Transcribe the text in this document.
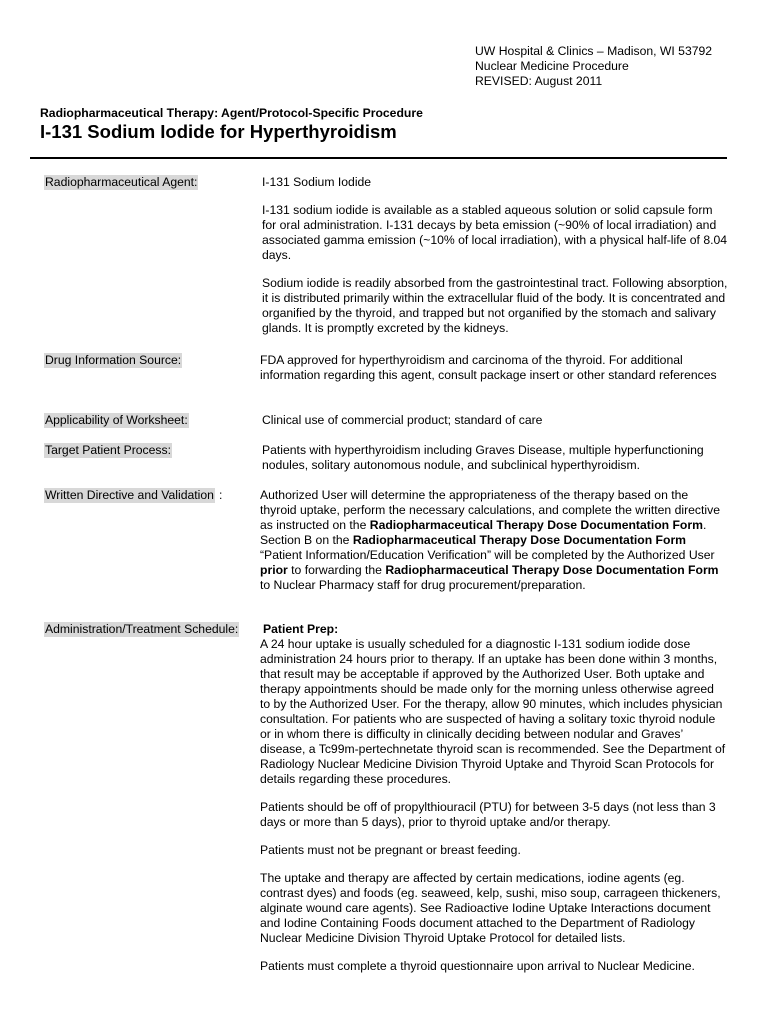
UW Hospital & Clinics – Madison, WI 53792
Nuclear Medicine Procedure
REVISED: August 2011
Radiopharmaceutical Therapy: Agent/Protocol-Specific Procedure
I-131 Sodium Iodide for Hyperthyroidism
Radiopharmaceutical Agent:	I-131 Sodium Iodide

I-131 sodium iodide is available as a stabled aqueous solution or solid capsule form for oral administration. I-131 decays by beta emission (~90% of local irradiation) and associated gamma emission (~10% of local irradiation), with a physical half-life of 8.04 days.

Sodium iodide is readily absorbed from the gastrointestinal tract. Following absorption, it is distributed primarily within the extracellular fluid of the body. It is concentrated and organified by the thyroid, and trapped but not organified by the stomach and salivary glands. It is promptly excreted by the kidneys.

Drug Information Source:	FDA approved for hyperthyroidism and carcinoma of the thyroid. For additional information regarding this agent, consult package insert or other standard references

Applicability of Worksheet:	Clinical use of commercial product; standard of care

Target Patient Process:	Patients with hyperthyroidism including Graves Disease, multiple hyperfunctioning nodules, solitary autonomous nodule, and subclinical hyperthyroidism.

Written Directive and Validation :	Authorized User will determine the appropriateness of the therapy based on the thyroid uptake, perform the necessary calculations, and complete the written directive as instructed on the Radiopharmaceutical Therapy Dose Documentation Form. Section B on the Radiopharmaceutical Therapy Dose Documentation Form “Patient Information/Education Verification” will be completed by the Authorized User prior to forwarding the Radiopharmaceutical Therapy Dose Documentation Form to Nuclear Pharmacy staff for drug procurement/preparation.

Administration/Treatment Schedule: Patient Prep:

A 24 hour uptake is usually scheduled for a diagnostic I-131 sodium iodide dose administration 24 hours prior to therapy. If an uptake has been done within 3 months, that result may be acceptable if approved by the Authorized User. Both uptake and therapy appointments should be made only for the morning unless otherwise agreed to by the Authorized User. For the therapy, allow 90 minutes, which includes physician consultation. For patients who are suspected of having a solitary toxic thyroid nodule or in whom there is difficulty in clinically deciding between nodular and Graves’ disease, a Tc99m-pertechnetate thyroid scan is recommended. See the Department of Radiology Nuclear Medicine Division Thyroid Uptake and Thyroid Scan Protocols for details regarding these procedures.

Patients should be off of propylthiouracil (PTU) for between 3-5 days (not less than 3 days or more than 5 days), prior to thyroid uptake and/or therapy.

Patients must not be pregnant or breast feeding.

The uptake and therapy are affected by certain medications, iodine agents (eg. contrast dyes) and foods (eg. seaweed, kelp, sushi, miso soup, carrageen thickeners, alginate wound care agents). See Radioactive Iodine Uptake Interactions document and Iodine Containing Foods document attached to the Department of Radiology Nuclear Medicine Division Thyroid Uptake Protocol for detailed lists.

Patients must complete a thyroid questionnaire upon arrival to Nuclear Medicine.
